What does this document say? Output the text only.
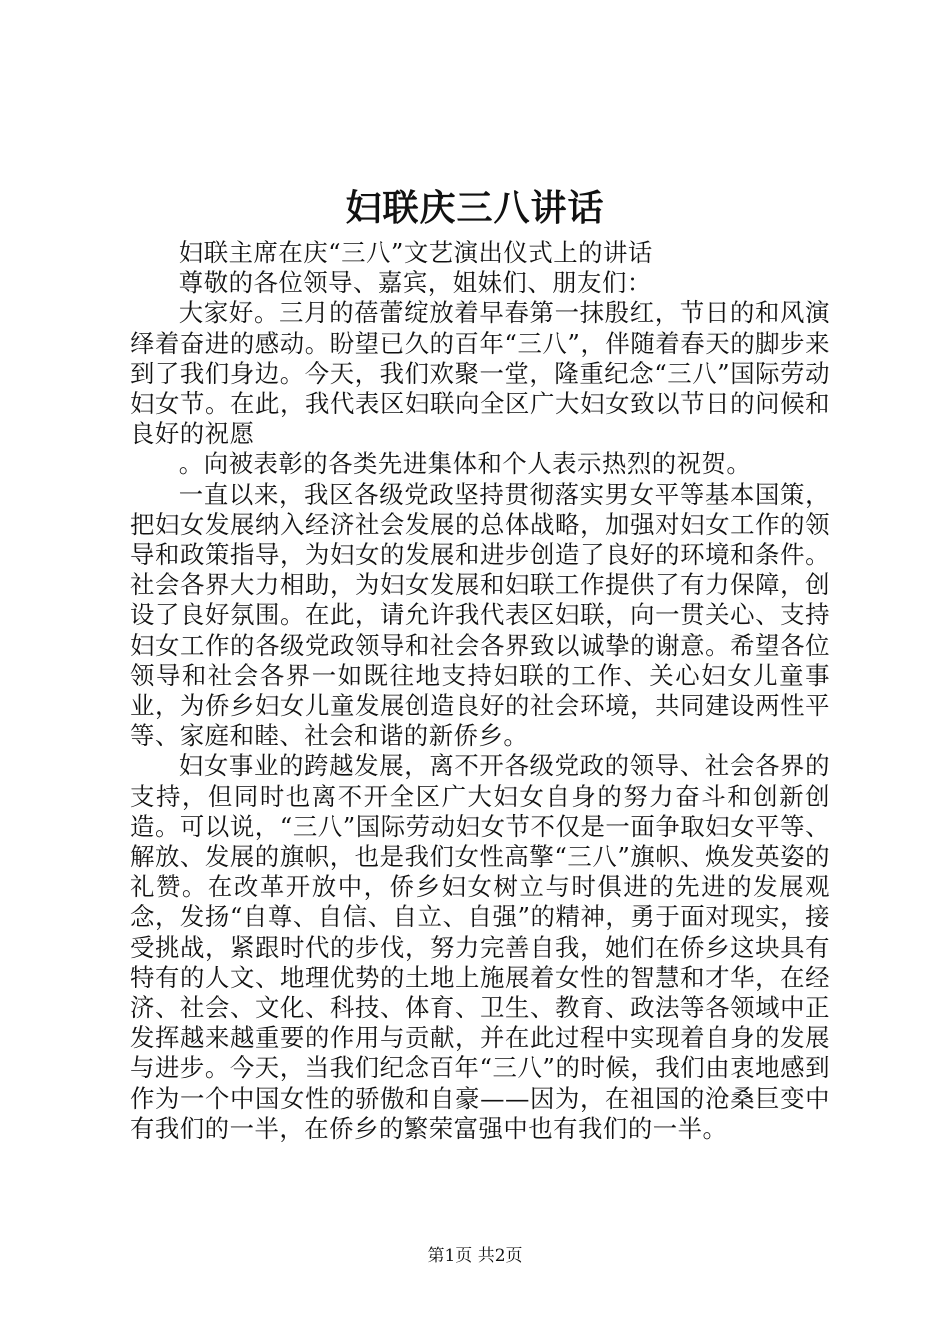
妇联庆三八讲话

妇联主席在庆“三八”文艺演出仪式上的讲话

尊敬的各位领导、嘉宾，姐妹们、朋友们：

大家好。三月的蓓蕾绽放着早春第一抹殷红，节日的和风演绎着奋进的感动。盼望已久的百年“三八”，伴随着春天的脚步来到了我们身边。今天，我们欢聚一堂，隆重纪念“三八”国际劳动妇女节。在此，我代表区妇联向全区广大妇女致以节日的问候和良好的祝愿

。向被表彰的各类先进集体和个人表示热烈的祝贺。

一直以来，我区各级党政坚持贯彻落实男女平等基本国策，把妇女发展纳入经济社会发展的总体战略，加强对妇女工作的领导和政策指导，为妇女的发展和进步创造了良好的环境和条件。社会各界大力相助，为妇女发展和妇联工作提供了有力保障，创设了良好氛围。在此，请允许我代表区妇联，向一贯关心、支持妇女工作的各级党政领导和社会各界致以诚挚的谢意。希望各位领导和社会各界一如既往地支持妇联的工作、关心妇女儿童事业，为侨乡妇女儿童发展创造良好的社会环境，共同建设两性平等、家庭和睦、社会和谐的新侨乡。

妇女事业的跨越发展，离不开各级党政的领导、社会各界的支持，但同时也离不开全区广大妇女自身的努力奋斗和创新创造。可以说，“三八”国际劳动妇女节不仅是一面争取妇女平等、解放、发展的旗帜，也是我们女性高擎“三八”旗帜、焕发英姿的礼赞。在改革开放中，侨乡妇女树立与时俱进的先进的发展观念，发扬“自尊、自信、自立、自强”的精神，勇于面对现实，接受挑战，紧跟时代的步伐，努力完善自我，她们在侨乡这块具有特有的人文、地理优势的土地上施展着女性的智慧和才华，在经济、社会、文化、科技、体育、卫生、教育、政法等各领域中正发挥越来越重要的作用与贡献，并在此过程中实现着自身的发展与进步。今天，当我们纪念百年“三八”的时候，我们由衷地感到作为一个中国女性的骄傲和自豪——因为，在祖国的沧桑巨变中有我们的一半，在侨乡的繁荣富强中也有我们的一半。

第1页 共2页
